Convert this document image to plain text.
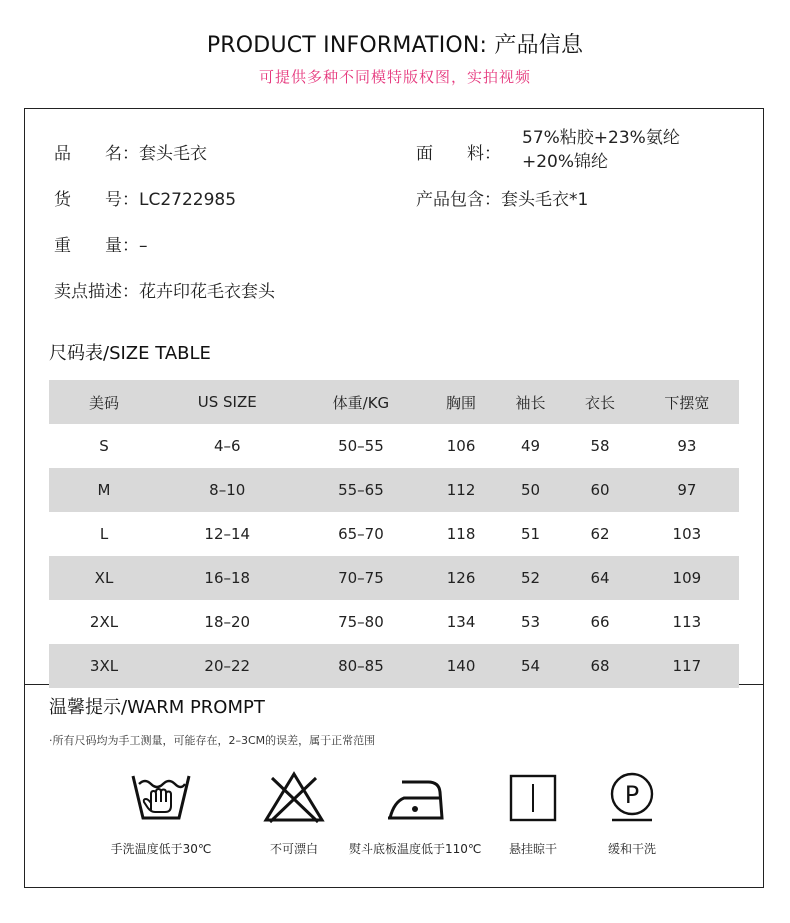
PRODUCT INFORMATION: 产品信息
可提供多种不同模特版权图，实拍视频
品　　名：套头毛衣	面　　料：
57%粘胶+23%氨纶
+20%锦纶
货　　号：LC2722985	产品包含：套头毛衣*1
重　　量：–
卖点描述：花卉印花毛衣套头
尺码表/SIZE TABLE
美码	US SIZE	体重/KG	胸围	袖长	衣长	下摆宽
S	4–6	50–55	106	49	58	93
M	8–10	55–65	112	50	60	97
L	12–14	65–70	118	51	62	103
XL	16–18	70–75	126	52	64	109
2XL	18–20	75–80	134	53	66	113
3XL	20–22	80–85	140	54	68	117
温馨提示/WARM PROMPT
·所有尺码均为手工测量，可能存在，2–3CM的误差，属于正常范围
手洗温度低于30℃	不可漂白	熨斗底板温度低于110℃	悬挂晾干
P
缓和干洗
